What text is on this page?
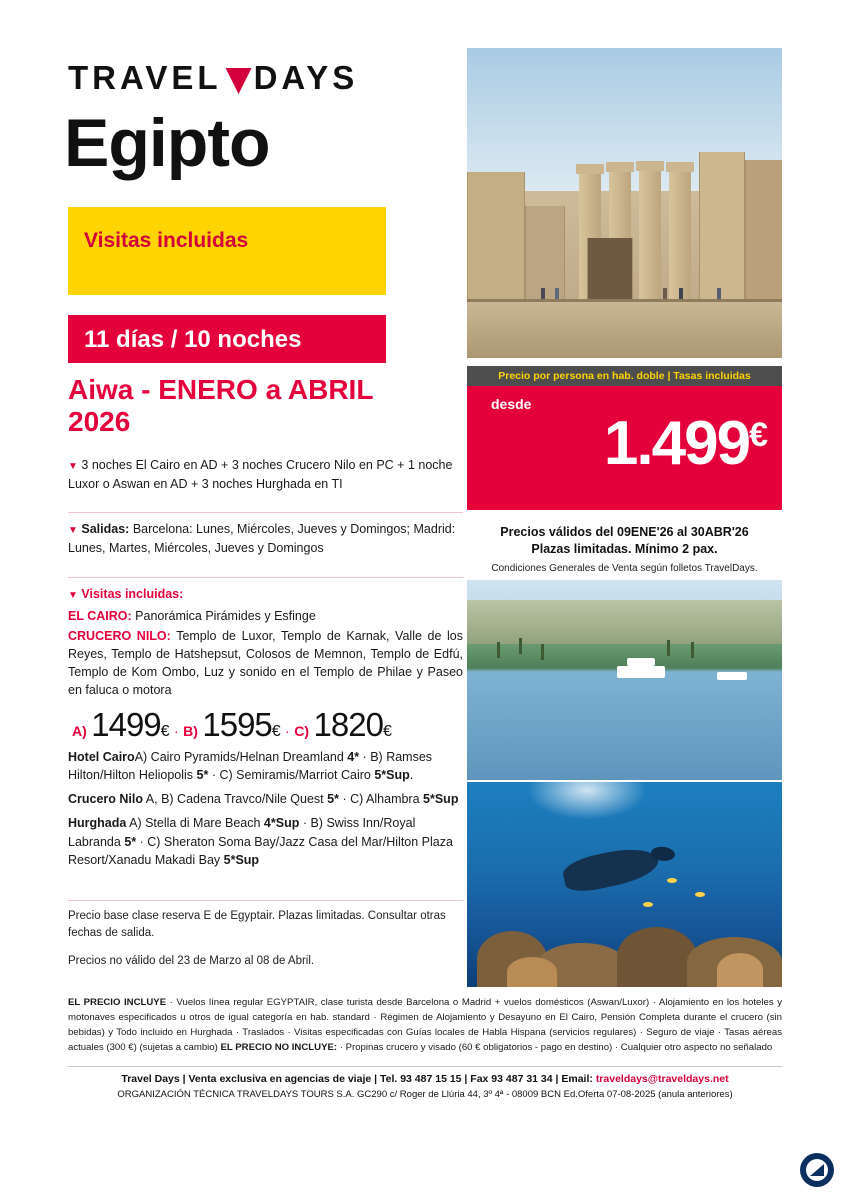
TRAVEL DAYS
Egipto
Visitas incluidas
11 días / 10 noches
Aiwa - ENERO a ABRIL 2026
▼ 3 noches El Cairo en AD + 3 noches Crucero Nilo en PC + 1 noche Luxor o Aswan en AD + 3 noches Hurghada en TI
▼ Salidas: Barcelona: Lunes, Miércoles, Jueves y Domingos; Madrid: Lunes, Martes, Miércoles, Jueves y Domingos
▼ Visitas incluidas:
EL CAIRO: Panorámica Pirámides y Esfinge
CRUCERO NILO: Templo de Luxor, Templo de Karnak, Valle de los Reyes, Templo de Hatshepsut, Colosos de Memnon, Templo de Edfú, Templo de Kom Ombo, Luz y sonido en el Templo de Philae y Paseo en faluca o motora
A) 1499€ · B) 1595€ · C) 1820€

Hotel CairoA) Cairo Pyramids/Helnan Dreamland 4* · B) Ramses Hilton/Hilton Heliopolis 5* · C) Semiramis/Marriot Cairo 5*Sup.

Crucero Nilo A, B) Cadena Travco/Nile Quest 5* · C) Alhambra 5*Sup

Hurghada A) Stella di Mare Beach 4*Sup · B) Swiss Inn/Royal Labranda 5* · C) Sheraton Soma Bay/Jazz Casa del Mar/Hilton Plaza Resort/Xanadu Makadi Bay 5*Sup

Precio base clase reserva E de Egyptair. Plazas limitadas. Consultar otras fechas de salida.

Precios no válido del 23 de Marzo al 08 de Abril.

Precio por persona en hab. doble | Tasas incluidas
desde
1.499€
Precios válidos del 09ENE'26 al 30ABR'26
Plazas limitadas. Mínimo 2 pax.
Condiciones Generales de Venta según folletos TravelDays.
EL PRECIO INCLUYE · Vuelos línea regular EGYPTAIR, clase turista desde Barcelona o Madrid + vuelos domésticos (Aswan/Luxor) · Alojamiento en los hoteles y motonaves especificados u otros de igual categoría en hab. standard · Régimen de Alojamiento y Desayuno en El Cairo, Pensión Completa durante el crucero (sin bebidas) y Todo incluido en Hurghada · Traslados · Visitas especificadas con Guías locales de Habla Hispana (servicios regulares) · Seguro de viaje · Tasas aéreas actuales (300 €) (sujetas a cambio) EL PRECIO NO INCLUYE: · Propinas crucero y visado (60 € obligatorios - pago en destino) · Cualquier otro aspecto no señalado
Travel Days | Venta exclusiva en agencias de viaje | Tel. 93 487 15 15 | Fax 93 487 31 34 | Email: traveldays@traveldays.net
ORGANIZACIÓN TÉCNICA TRAVELDAYS TOURS S.A. GC290 c/ Roger de Llúria 44, 3º 4ª - 08009 BCN Ed.Oferta 07-08-2025 (anula anteriores)
